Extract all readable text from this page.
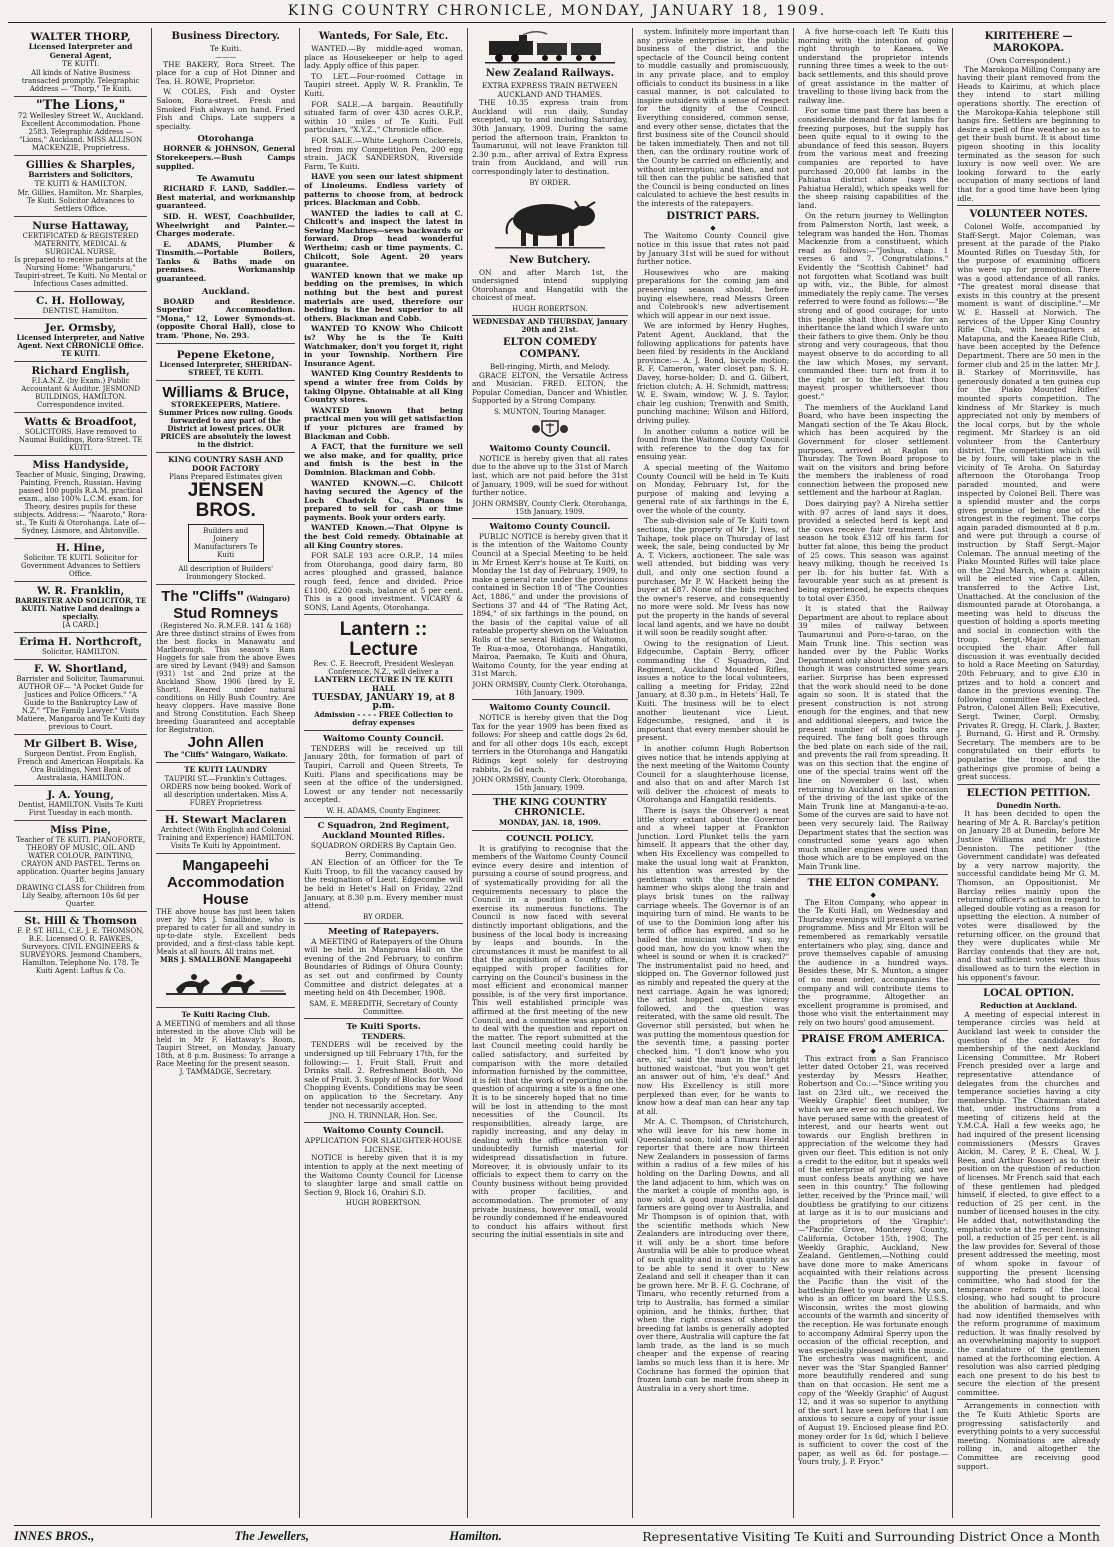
KING COUNTRY CHRONICLE, MONDAY, JANUARY 18, 1909.
WALTER THORP,
Licensed Interpreter and General Agent,
TE KUITI.
All kinds of Native Business transacted promptly. Telegraphic Address — "Thorp," Te Kuiti.
"The Lions,"
72 Wellesley Street W., Auckland.
Excellent Accommodation. Phone 2583. Telegraphic Address — "Lions," Auckland. MISS ALLISON MACKENZIE, Proprietress.
Gillies & Sharples,
Barristers and Solicitors,
TE KUITI & HAMILTON.
Mr. Gillies, Hamilton. Mr. Sharples, Te Kuiti. Solicitor Advances to Settlers Office.
Nurse Hattaway,
CERTIFICATED & REGISTERED MATERNITY, MEDICAL & SURGICAL NURSE,
Is prepared to receive patients at the Nursing Home: "Whangaruru," Taupiri-street, Te Kuiti. No Mental or Infectious Cases admitted.
C. H. Holloway,
DENTIST, Hamilton.
Jer. Ormsby,
Licensed Interpreter, and Native Agent. Next CHRONICLE Office. TE KUITI.
Richard English,
F.I.A.N.Z. (by Exam.) Public Accountant & Auditor. JESMOND BUILDINGS, HAMILTON. Correspondence invited.
Watts & Broadfoot,
SOLICITORS. Have removed to Naumai Buildings, Rora-Street. TE KUITI.
Miss Handyside,
Teacher of Music, Singing, Drawing, Painting, French, Russian. Having passed 100 pupils R.A.M. practical exam., also 100% L.C.M. exam. for Theory, desires pupils for these subjects. Address:— "Naaroto," Rora-st., Te Kuiti & Otorohanga. Late of— Sydney, Lismore, and Alstonville.
H. Hine,
Solicitor. TE KUITI. Solicitor for Government Advances to Settlers Office.
W. R. Franklin,
BARRISTER AND SOLICITOR, TE KUITI. Native Land dealings a specialty.
[A CARD.]
Erima H. Northcroft,
Solicitor, HAMILTON.
F. W. Shortland,
Barrister and Solicitor, Taumarunui. AUTHOR OF— "A Pocket Guide for Justices and Police Officers." "A Guide to the Bankruptcy Law of N.Z." "The Family Lawyer." Visits Matiere, Mangaroa and Te Kuiti day previous to Court.
Mr Gilbert B. Wise,
Surgeon Dentist. From English, French and American Hospitals. Ka Ora Buildings, Next Bank of Australasia, HAMILTON.
J. A. Young,
Dentist, HAMILTON. Visits Te Kuiti First Tuesday in each month.
Miss Pine,
Teacher of TE KUITI. PIANOFORTE, THEORY OF MUSIC, OIL AND WATER COLOUR, PAINTING, CRAYON AND PASTEL. Terms on application. Quarter begins January 18.
DRAWING CLASS for Children from Lily Sealby, afternoon 10s 6d per Quarter.
St. Hill & Thomson
F. P. ST. HILL, C.E. J. E. THOMSON, B.E. Licensed O. R. FAWKES, Surveyors. CIVIL ENGINEERS & SURVEYORS. Jesmond Chambers, Hamilton. Telephone No. 178. Te Kuiti Agent: Loftus & Co.
Business Directory.
Te Kuiti.
———

THE BAKERY, Rora Street. The place for a cup of Hot Dinner and Tea. H. ROWE, Proprietor.

W. COLES, Fish and Oyster Saloon, Rora-street. Fresh and Smoked Fish always on hand. Fried Fish and Chips. Late suppers a specialty.

Otorohanga

HORNER & JOHNSON, General Storekeepers.—Bush Camps supplied.

Te Awamutu

RICHARD F. LAND, Saddler.—Best material, and workmanship guaranteed.

SID. H. WEST, Coachbuilder, Wheelwright and Painter.—Charges moderate.

E. ADAMS, Plumber & Tinsmith.—Portable Boilers, Tanks & Baths made on premises. Workmanship guaranteed.

Auckland.

BOARD and Residence. Superior Accommodation. "Mona," 12, Lower Symonds-st. (opposite Choral Hall), close to tram. 'Phone, No. 293.

Pepene Eketone,
Licensed Interpreter, SHERIDAN-STREET, TE KUITI.
Williams & Bruce,
STOREKEEPERS, Matiere.
Summer Prices now ruling. Goods forwarded to any part of the District at lowest prices. OUR PRICES are absolutely the lowest in the district.
KING COUNTRY SASH AND DOOR FACTORY
Plans Prepared Estimates given
JENSEN BROS.
Builders and Joinery Manufacturers Te Kuiti
All description of Builders' Ironmongery Stocked.
The "Cliffs" (Waingaro)
Stud Romneys
(Registered No. R.M.F.B. 141 & 168)
Are three distinct strains of Ewes from the best flocks in Manawatu and Marlborough. This season's Ram Hoggets for sale from the above Ewes are sired by Levant (949) and Samson (931) 1st and 2nd prize at the Auckland Show, 1906 (bred by E. Short). Reared under natural conditions on Hilly Bush Country. Are heavy cloppers. Have massive Bone and Strong Constitution. Each Sheep breeding Guaranteed and acceptable for Registration.
John Allen
The "Cliffs" Waingaro, Waikato.
TE KUITI LAUNDRY
TAUPIRI ST.—Franklin's Cottages.
ORDERS now being booked. Work of all description undertaken. Miss A. FUREY Proprietress
H. Stewart Maclaren
Architect (With English and Colonial Training and Experience) HAMILTON. Visits Te Kuiti by Appointment.
Mangapeehi Accommodation House
THE above house has just been taken over by Mrs J. Smallbone, who is prepared to cater for all and sundry in up-to-date style. Excellent beds provided, and a first-class table kept. Meals at all hours. All trains met.
MRS J. SMALLBONE Mangapeehi
Te Kuiti Racing Club.
A MEETING of members and all those interested in the above Club will be held in Mr F. Hattaway's Room, Taupiri Street, on Monday, January 18th, at 8 p.m. Business: To arrange a Race Meeting for the present season.
J. TAMMADGE, Secretary.
Wanteds, For Sale, Etc.

WANTED.—By middle-aged woman, place as Housekeeper or help to aged lady. Apply office of this paper.

TO LET.—Four-roomed Cottage in Taupiri street. Apply W. R. Franklin, Te Kuiti.

FOR SALE.—A bargain. Beautifully situated farm of over 430 acres O.R.P., within 10 miles of Te Kuiti. Full particulars, "X.Y.Z.," Chronicle office.

FOR SALE.—White Leghorn Cockerels, bred from my Competition Pen, 200 egg strain. JACK SANDERSON, Riverside Farm, Te Kuiti.

HAVE you seen our latest shipment of Linoleums. Endless variety of patterns to choose from, at bedrock prices. Blackman and Cobb.

WANTED the ladies to call at C. Chilcott's and inspect the latest in Sewing Machines—sews backwards or forward. Drop head wonderful Wertheim; cash or time payments. C. Chilcott, Sole Agent. 20 years guarantee.

WANTED known that we make up bedding on the premises, in which nothing but the best and purest materials are used, therefore our bedding is the best superior to all others. Blackman and Cobb.

WANTED TO KNOW Who Chilcott is? Why he is the Te Kuiti Watchmaker, don't you forget it, right in your Township. Northern Fire Insurance Agent.

WANTED King Country Residents to spend a winter free from Colds by taking Olpyne. Obtainable at all King Country stores.

WANTED known that being practical men you will get satisfaction if your pictures are framed by Blackman and Cobb.

A FACT, that the furniture we sell we also make, and for quality, price and finish is the best in the Dominion. Blackman and Cobb.

WANTED KNOWN.—C. Chilcott having secured the Agency of the Loch Chadwick Co., Pianos is prepared to sell for cash or time payments. Book your orders early.

WANTED Known.—That Olpyne is the best Cold remedy. Obtainable at all King Country stores.

FOR SALE 193 acre O.R.P., 14 miles from Otorohanga, good dairy farm, 80 acres ploughed and grassed, balance rough feed, fence and divided. Price £1100, £200 cash, balance at 5 per cent. This is a good investment. VICARY & SONS, Land Agents, Otorohanga.

Lantern :: Lecture
Rev. C. E. Beecroft, President Wesleyan Conference, N.Z., will deliver a
LANTERN LECTURE IN TE KUITI HALL
TUESDAY, JANUARY 19, at 8 p.m.
Admission - - - - FREE Collection to defray expenses
Waitomo County Council.

TENDERS will be received up till January 28th, for formation of part of Taupiri, Carroll and Queen Streets, Te Kuiti. Plans and specifications may be seen at the office of the undersigned. Lowest or any tender not necessarily accepted.

W. H. ADAMS, County Engineer.
C Squadron, 2nd Regiment, Auckland Mounted Rifles.
SQUADRON ORDERS By Captain Geo. Berry, Commanding.

AN Election of an Officer for the Te Kuiti Troop, to fill the vacancy caused by the resignation of Lieut. Edgecombe will be held in Hetet's Hall on Friday, 22nd January, at 8.30 p.m. Every member must attend.

BY ORDER.
Meeting of Ratepayers.

A MEETING of Ratepayers of the Ohura will be held in Mangaroa Hall on the evening of the 2nd February, to confirm Boundaries of Ridings of Ohura County; as set out and confirmed by County Committee and district delegates at a meeting held on 4th December, 1908.

SAM. E. MEREDITH, Secretary of County Committee.
Te Kuiti Sports.
TENDERS.

TENDERS will be received by the undersigned up till February 17th, for the following:— 1. Fruit Stall, Fruit and Drinks stall. 2. Refreshment Booth, No sale of Fruit. 3. Supply of Blocks for Wood Chopping Events. Conditions may be seen on application to the Secretary. Any tender not necessarily accepted.

JNO. H. TRINNLAR, Hon. Sec.
Waitomo County Council.
APPLICATION FOR SLAUGHTER-HOUSE LICENSE.

NOTICE is hereby given that it is my intention to apply at the next meeting of the Waitomo County Council for License to slaughter large and small cattle on Section 9, Block 16, Orahiri S.D.

HUGH ROBERTSON.
New Zealand Railways.
EXTRA EXPRESS TRAIN BETWEEN AUCKLAND AND THAMES.

THE 10.35 express train from Auckland will run daily, Sunday excepted, up to and including Saturday, 30th January, 1909. During the same period the afternoon train, Frankton to Taumarunui, will not leave Frankton till 2.30 p.m., after arrival of Extra Express train from Auckland, and will run correspondingly later to destination.

BY ORDER.
New Butchery.

ON and after March 1st, the undersigned intend supplying Otorohanga and Hangatiki with the choicest of meat.

HUGH ROBERTSON.
WEDNESDAY AND THURSDAY, January 20th and 21st.
ELTON COMEDY COMPANY.
Bell-ringing, Mirth, and Melody.

GRACE ELTON, the Versatile Actress and Musician. FRED. ELTON, the Popular Comedian, Dancer and Whistler. Supported by a Strong Company.

S. MUNTON, Touring Manager.
Waitomo County Council.

NOTICE is hereby given that all rates due to the above up to the 31st of March last, which are not paid before the 31st of January, 1909, will be sued for without further notice.

JOHN ORMSBY, County Clerk. Otorohanga, 15th January, 1909.
Waitomo County Council.

PUBLIC NOTICE is hereby given that it is the intention of the Waitomo County Council at a Special Meeting to be held in Mr Ernest Kerr's house at Te Kuiti, on Monday the 1st day of February, 1909, to make a general rate under the provisions contained in Section 18 of "The Counties Act, 1886," and under the provisions of Sections 37 and 44 of "The Rating Act, 1894," of six farthings in the pound, on the basis of the capital value of all rateable property shewn on the Valuation Rolls of the several Ridings of Waitomo, Te Rua-a-moa, Otorohanga, Hangatiki, Mairoa, Paemako, Te Kuiti and Ohura, Waitomo County, for the year ending at 31st March.

JOHN ORMSBY, County Clerk. Otorohanga, 16th January, 1909.
Waitomo County Council.

NOTICE is hereby given that the Dog Tax for the year 1909 has been fixed as follows: For sheep and cattle dogs 2s 6d, and for all other dogs 10s each, except terriers in the Otorohanga and Hangatiki Ridings kept solely for destroying rabbits, 2s 6d each.

JOHN ORMSBY, County Clerk. Otorohanga, 15th January, 1909.
THE KING COUNTRY CHRONICLE.
MONDAY, JAN. 18, 1909.
COUNCIL POLICY.

It is gratifying to recognise that the members of the Waitomo County Council evince every desire and intention of pursuing a course of sound progress, and of systematically providing for all the requirements necessary to place the Council in a position to efficiently exercise its numerous functions. The Council is now faced with several distinctly important obligations, and the business of the local body is increasing by leaps and bounds. In the circumstances it must be manifest to all that the acquisition of a County office, equipped with proper facilities for carrying on the Council's business in the most efficient and economical manner possible, is of the very first importance. This well established principle was affirmed at the first meeting of the new Council, and a committee was appointed to deal with the question and report on the matter. The report submitted at the last Council meeting could hardly be called satisfactory, and surfeited by comparison with the more detailed information furnished by the committee, it is felt that the work of reporting on the question of acquiring a site is a fine one. It is to be sincerely hoped that no time will be lost in attending to the most necessities of the Council. Its responsibilities, already large, are rapidly increasing, and any delay in dealing with the office question will undoubtedly furnish material for widespread dissatisfaction in future. Moreover, it is obviously unfair to its officials to expect them to carry on the County business without being provided with proper facilities, and accommodation. The promoter of any private business, however small, would be roundly condemned if he endeavoured to conduct his affairs without first securing the initial essentials in site and

system. Infinitely more important than any private enterprise is the public business of the district, and the spectacle of the Council being content to muddle casually and promiscuously, in any private place, and to employ officials to conduct its business in a like casual manner, is not calculated to inspire outsiders with a sense of respect for the dignity of the Council. Everything considered, common sense, and every other sense, dictates that the first business site of the Council should be taken immediately. Then and not till then, can the ordinary routine work of the County be carried on efficiently, and without interruption; and then, and not till then can the public be satisfied that the Council is being conducted on lines calculated to achieve the best results in the interests of the ratepayers.

DISTRICT PARS.
◆

The Waitomo County Council give notice in this issue that rates not paid by January 31st will be sued for without further notice.

Housewives who are making preparations for the coming jam and preserving season should, before buying elsewhere, read Messrs Green and Colebrook's new advertisement which will appear in our next issue.

We are informed by Henry Hughes, Patent Agent, Auckland, that the following applications for patents have been filed by residents in the Auckland province:— A. J. Bond, bicycle motion; R. F. Cameron, water closet pan; S. H. Davey, horse-holder; D. and G. Gilbert, friction clutch; A. H. Schmidt, mattress; W. E. Swain, window; W. J. S. Taylor, chair leg cushion; Trenwith and Smith, punching machine; Wilson and Hilford, driving pulley.

In another column a notice will be found from the Waitomo County Council with reference to the dog tax for ensuing year.

A special meeting of the Waitomo County Council will be held in Te Kuiti on Monday, February 1st, for the purpose of making and levying a general rate of six farthings in the £, over the whole of the county.

The sub-division sale of Te Kuiti town sections, the property of Mr J. Ives, of Taihape, took place on Thursday of last week, the sale, being conducted by Mr A. T. Vickers, auctioneer. The sale was well attended, but bidding was very dull, and only one section found a purchaser, Mr P. W. Hackett being the buyer at £87. None of the bids reached the owner's reserve, and consequently no more were sold. Mr Ivess has now put the property in the hands of several local land agents, and we have no doubt it will soon be readily sought after.

Owing to the resignation of Lieut. Edgecumbe, Captain Berry, officer commanding the C Squadron, 2nd Regiment, Auckland Mounted Rifles, issues a notice to the local volunteers, calling a meeting for Friday, 22nd January, at 8.30 p.m., in Hetets' Hall, Te Kuiti. The business will be to elect another lieutenant vice Lieut. Edgecumbe, resigned, and it is important that every member should be present.

In another column Hugh Robertson gives notice that he intends applying at the next meeting of the Waitomo County Council for a slaughterhouse license, and also that on and after March 1st will deliver the choicest of meats to Otorohanga and Hangatiki residents.

There is (says the Observer) a neat little story extant about the Governor and a wheel tapper at Frankton Junction. Lord Plunket tells the yarn himself. It appears that the other day, when His Excellency was compelled to make the usual long wait at Frankton, his attention was arrested by the gentleman with the long slender hammer who skips along the train and plays brisk tunes on the railway carriage wheels. The Governor is of an inquiring turn of mind. He wants to be of use to the Dominion long after his term of office has expired, and so he hailed the musician with: "I say, my good man, how do you know when the wheel is sound or when it is cracked?" The instrumentalist paid no heed, and skipped on. The Governor followed just as nimbly and repeated the query at the next carriage. Again he was ignored; the artist hopped on, the viceroy followed, and the question was reiterated, with the same old result. The Governor still persisted, but when he was putting the momentous question for the seventh time, a passing porter checked him. "I don't know who you are, sir," said the man in the bright buttoned waistcoat, "but you won't get an answer out of him, 'e's deaf." And now His Excellency is still more perplexed than ever, for he wants to know how a deaf man can hear any tap at all.

Mr A. C. Thompson, of Christchurch, who will leave for his new home in Queensland soon, told a Timaru Herald reporter that there are now thirteen New Zealanders in possession of farms within a radius of a few miles of his holding on the Darling Downs, and all the land adjacent to him, which was on the market a couple of months ago, is now sold. A good many North Island farmers are going over to Australia, and Mr Thompson is of opinion that, with the scientific methods which New Zealanders are introducing over there, it will only be a short time before Australia will be able to produce wheat of such quality and in such quantity as to be able to send it over to New Zealand and sell it cheaper than it can be grown here. Mr B. F. G. Cochrane, of Timaru, who recently returned from a trip to Australia, has formed a similar opinion, and he thinks, further, that when the right crosses of sheep for breeding fat lambs is generally adopted over there, Australia will capture the fat lamb trade, as the land is so much cheaper and the expense of rearing lambs so much less than it is here. Mr Cochrane has formed the opinion that frozen lamb can be made from sheep in Australia in a very short time.

A five horse-coach left Te Kuiti this morning with the intention of going right through to Kaeaea. We understand the proprietor intends running three times a week to the out-back settlements, and this should prove of great assistance in the matter of travelling to those living back from the railway line.

For some time past there has been a considerable demand for fat lambs for freezing purposes, but the supply has been quite equal to it owing to the abundance of feed this season. Buyers from the various meat and freezing companies are reported to have purchased 20,000 fat lambs in the Pahiatua district alone (says the Pahiatua Herald), which speaks well for the sheep raising capabilities of the land.

On the return journey to Wellington from Palmerston North, last week, a telegram was handed the Hon. Thomas Mackenzie from a constituent, which read as follows:—"Joshua, chap. 1 verses 6 and 7. Congratulations." Evidently the "Scottish Cabinet" had not forgotten what Scotland was built up with, viz., the Bible, for almost immediately the reply came. The verses referred to were found as follows:—"Be strong and of good courage; for unto this people shalt thou divide for an inheritance the land which I sware unto their fathers to give them. Only be thou strong and very courageous, that thou mayest observe to do according to all the law which Moses, my servant, commanded thee: turn not from it to the right or to the left, that thou mayest prosper whithersoever thou goest."

The members of the Auckland Land Board, who have been inspecting the Mangati section of the Te Akau Block, which has been acquired by the Government for closer settlement purposes, arrived at Raglan on Thursday. The Town Board propose to wait on the visitors and bring before the members the irableness of road connection between the proposed new settlement and the harbour at Raglan.

Does dairying pay? A Nireha settler with 97 acres of land says it does, provided a selected herd is kept and the cows receive fair treatment. Last season he took £312 off his farm for butter fat alone, this being the product of 25 cows. This season was against heavy milking, though he received 1s per lb. for his butter fat. With a favourable year such as at present is being experienced, he expects cheques to total over £350.

It is stated that the Railway Department are about to replace about 39 miles of railway between Taumarunui and Poro-o-tarao, on the Main Trunk line. This section was handed over by the Public Works Department only about three years ago, though it was constructed some years earlier. Surprise has been expressed that the work should need to be done again so soon. It is stated that the present construction is not strong enough for the engines, and that new and additional sleepers, and twice the present number of fang bolts are required. The fang bolt goes through the bed plate on each side of the rail, and prevents the rail from spreading. It was on this section that the engine of one of the special trains went off the line on November 6 last, when returning to Auckland on the occasion of the driving of the last spike of the Main Trunk line at Manganui-a-te-ao. Some of the curves are said to have not been very securely laid. The Railway Department states that the section was constructed some years ago when much smaller engines were used than those which are to be employed on the Main Trunk line.

THE ELTON COMPANY.
◆

The Elton Company, who appear in the Te Kuiti Hall, on Wednesday and Thursday evenings will present a varied programme. Miss and Mr Elton will be remembered as remarkably versatile entertainers who play, sing, dance and prove themselves capable of amusing the audience in a hundred ways. Besides these, Mr S. Munton, a singer of no mean order, accompanies the company and will contribute items to the programme. Altogether an excellent programme is promised, and those who visit the entertainment may rely on two hours' good amusement.

PRAISE FROM AMERICA.
◆

This extract from a San Francisco letter dated October 21, was received yesterday by Messrs Heather, Robertson and Co.:—"Since writing you last on 23rd ult., we received the 'Weekly Graphic' fleet number, for which we are ever so much obliged. We have perused same with the greatest of interest, and our hearts went out towards our English brethren in appreciation of the welcome they had given our fleet. This edition is not only a credit to the editor, but it speaks well of the enterprise of your city, and we must confess beats anything we have seen in this country." The following letter, received by the 'Prince mail,' will doubtless be gratifying to our citizens at large as it is to our musicians and the proprietors of the 'Graphic':—"Pacific Grove, Monterey County, California, October 15th, 1908. The Weekly Graphic, Auckland, New Zealand. Gentlemen,—Nothing could have done more to make Americans acquainted with their relations across the Pacific than the visit of the battleship fleet to your waters. My son, who is an officer on board the U.S.S. Wisconsin, writes the most glowing accounts of the warmth and sincerity of the reception. He was fortunate enough to accompany Admiral Sperry upon the occasion of the official reception, and was especially pleased with the music. The orchestra was magnificent, and never was the 'Star Spangled Banner' more beautifully rendered and sung than on that occasion. He sent me a copy of the 'Weekly Graphic' of August 12, and it was so superior to anything of the sort I have seen before that I am anxious to secure a copy of your issue of August 19. Enclosed please find P.O. money order for 1s 6d, which I believe is sufficient to cover the cost of the paper, as well as 6d. for postage.—Yours truly, J. P. Fryor."

KIRITEHERE —MAROKOPA.
(Own Correspondent.)

The Marokopa Milling Company are having their plant removed from the Heads to Kairimu, at which place they intend to start milling operations shortly. The erection of the Marokopa-Kahia telephone still hangs fire. Settlers are beginning to desire a spell of fine weather so as to get their bush burnt. It is about time pigeon shooting in this locality terminated as the season for such luxury is now well over. We are looking forward to the early occupation of many sections of land that for a good time have been lying idle.

VOLUNTEER NOTES.

Colonel Wolfe, accompanied by Staff-Sergt. Major Coleman, was present at the parade of the Piako Mounted Rifles on Tuesday 5th, for the purpose of examining officers who were up for promotion. There was a good attendance of all ranks. "The greatest moral disease that exists in this country at the present moment is want of discipline."—Mr W. E. Hassell at Norwich. The services of the Upper King Country Rifle Club, with headquarters at Matapuna, and the Kaeaea Rifle Club, have been accepted by the Defence Department. There are 50 men in the former club and 25 in the latter. Mr J. B. Starkey of Morrinsville, has generously donated a ten guinea cup for the Piako Mounted Rifles' mounted sports competition. The kindness of Mr Starkey is much appreciated not only by members of the local corps, but by the whole regiment. Mr Starkey is an old volunteer from the Canterbury district. The competition which will be by fours, will take place in the vicinity of Te Aroha. On Saturday afternoon the Otorohanga Troop paraded mounted, and were inspected by Colonel Bell. There was a splendid muster and the corps gives promise of being one of the strongest in the regiment. The corps again paraded dismounted at 8 p.m. and were put through a course of instruction by Staff Sergt.-Major Coleman. The annual meeting of the Piako Mounted Rifles will take place on the 22nd March, when a captain will be elected vice Capt. Allen, transferred to the Active List, Unattached. At the conclusion of the dismounted parade at Otorohanga, a meeting was held to discuss the question of holding a sports meeting and social in connection with the troop. Sergt.-Major Coleman occupied the chair. After full discussion it was eventually decided to hold a Race Meeting on Saturday, 20th February, and to give £30 in prizes and to hold a concert and dance in the previous evening. The following committee was elected. Patron, Colonel Allen Bell; Executive, Sergt. Twiner, Corpl. Ormsby, Privates R. Gregg, H. Clark, J. Baxter, J. Burnand, G. Hirst and R. Ormsby. Secretary. The members are to be congratulated on their efforts to popularise the troop, and the gatherings give promise of being a great success.

ELECTION PETITION.
Dunedin North.

It has been decided to open the hearing of Mr A. R. Barclay's petition on January 28 at Dunedin, before Mr Justice Williams and Mr Justice Denniston. The petitioner (the Government candidate) was defeated by a very narrow majority, the successful candidate being Mr G. M. Thomson, an Oppositionist. Mr Barclay relies mainly upon the returning officer's action in regard to alleged double voting as a reason for upsetting the election. A number of votes were disallowed by the returning officer, on the ground that they were duplicates while Mr Barclay contends that they are not, and that sufficient votes were thus disallowed as to turn the election in his opponent's favour.

LOCAL OPTION.
Reduction at Auckland.

A meeting of especial interest in temperance circles was held at Auckland last week to consider the question of the candidates for membership of the next Auckland Licensing Committee. Mr Robert French presided over a large and representative attendance of delegates from the churches and temperance societies having a city membership. The Chairman stated that, under instructions from a meeting of citizens held at the Y.M.C.A. Hall a few weeks ago, he had inquired of the present licensing commissioners (Messrs Graves Aickin, M. Carey, P. E. Cheal, W. J. Rees, and Arthur Rosser) as to their position on the question of reduction of licenses. Mr French said that each of these gentlemen had pledged himself, if elected, to give effect to a reduction of 25 per cent. in the number of licensed houses in the city. He added that, notwithstanding the emphatic vote at the recent licensing poll, a reduction of 25 per cent. is all the law provides for. Several of those present addressed the meeting, most of whom spoke in favour of supporting the present licensing committee, who had stood for the temperance reform of the local closing, who had sought to procure the abolition of barmaids, and who had now identified themselves with the reform programme of maximum reduction. It was finally resolved by an overwhelming majority to support the candidature of the gentlemen named at the forthcoming election. A resolution was also carried pledging each one present to do his best to secure the election of the present committee.

Arrangements in connection with the Te Kuiti Athletic Sports are progressing satisfactorily and everything points to a very successful meeting. Nominations are already rolling in, and altogether the Committee are receiving good support.

INNES BROS.,	The Jewellers,	Hamilton.	Representative Visiting Te Kuiti and Surrounding District Once a Month
